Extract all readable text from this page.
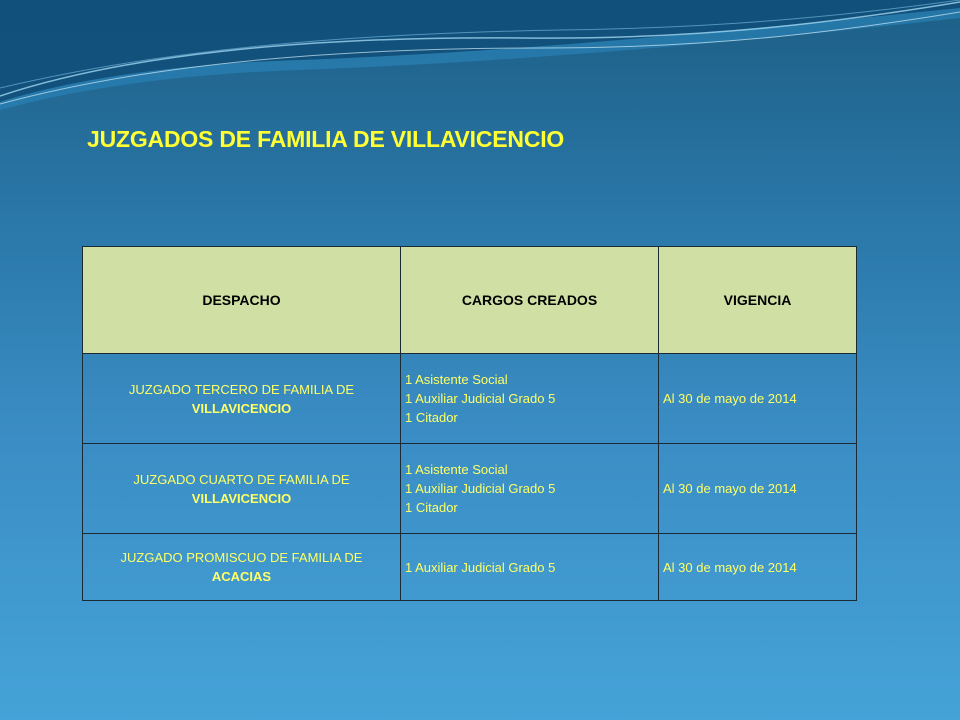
JUZGADOS DE FAMILIA DE VILLAVICENCIO
DESPACHO	CARGOS CREADOS	VIGENCIA

JUZGADO TERCERO DE FAMILIA DE
VILLAVICENCIO	1 Asistente Social
1 Auxiliar Judicial Grado 5
1 Citador	Al 30 de mayo de 2014

JUZGADO CUARTO DE FAMILIA DE
VILLAVICENCIO	1 Asistente Social
1 Auxiliar Judicial Grado 5
1 Citador	Al 30 de mayo de 2014

JUZGADO PROMISCUO DE FAMILIA DE
ACACIAS	1 Auxiliar Judicial Grado 5	Al 30 de mayo de 2014
